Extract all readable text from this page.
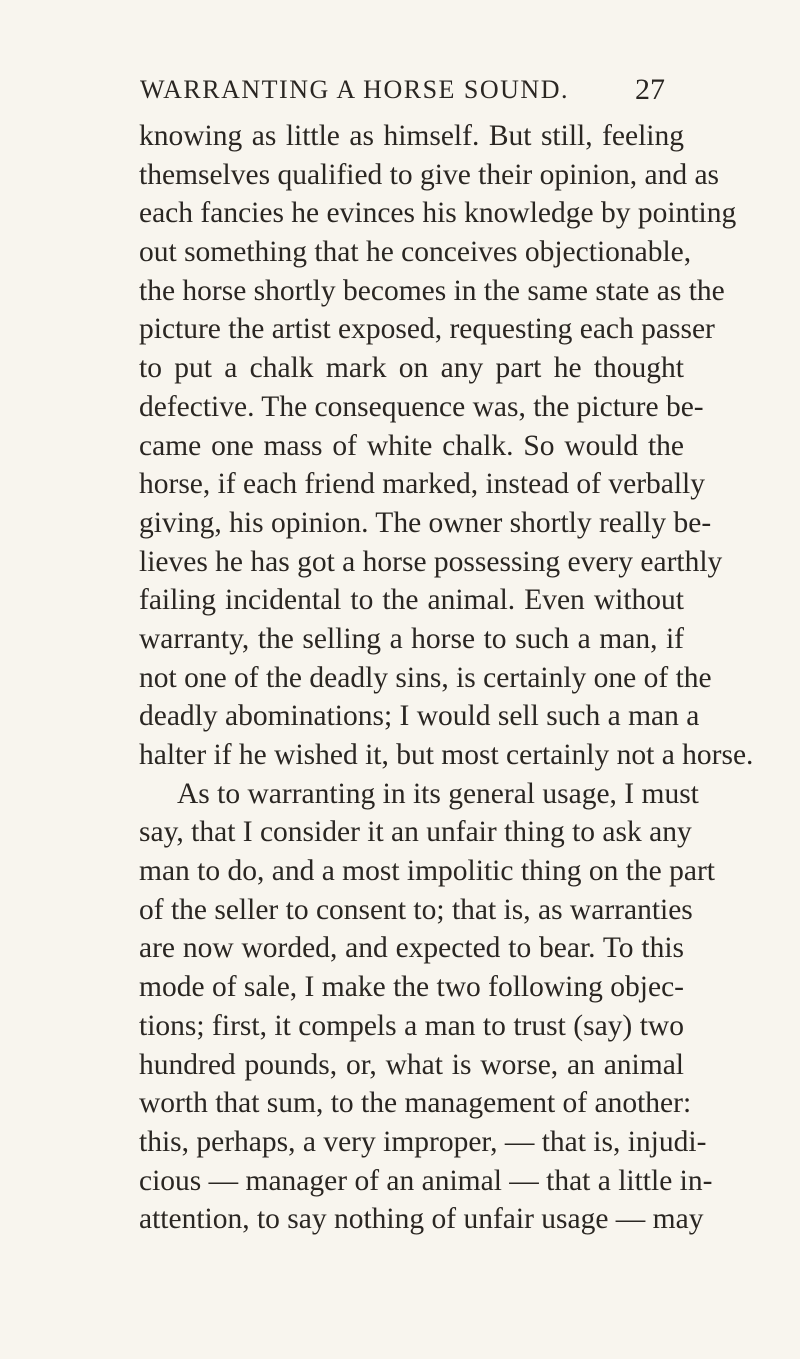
WARRANTING A HORSE SOUND. 27
knowing as little as himself. But still, feeling
themselves qualified to give their opinion, and as
each fancies he evinces his knowledge by pointing
out something that he conceives objectionable,
the horse shortly becomes in the same state as the
picture the artist exposed, requesting each passer
to put a chalk mark on any part he thought
defective. The consequence was, the picture be-
came one mass of white chalk. So would the
horse, if each friend marked, instead of verbally
giving, his opinion. The owner shortly really be-
lieves he has got a horse possessing every earthly
failing incidental to the animal. Even without
warranty, the selling a horse to such a man, if
not one of the deadly sins, is certainly one of the
deadly abominations; I would sell such a man a
halter if he wished it, but most certainly not a horse.
As to warranting in its general usage, I must
say, that I consider it an unfair thing to ask any
man to do, and a most impolitic thing on the part
of the seller to consent to; that is, as warranties
are now worded, and expected to bear. To this
mode of sale, I make the two following objec-
tions; first, it compels a man to trust (say) two
hundred pounds, or, what is worse, an animal
worth that sum, to the management of another:
this, perhaps, a very improper, — that is, injudi-
cious — manager of an animal — that a little in-
attention, to say nothing of unfair usage — may
